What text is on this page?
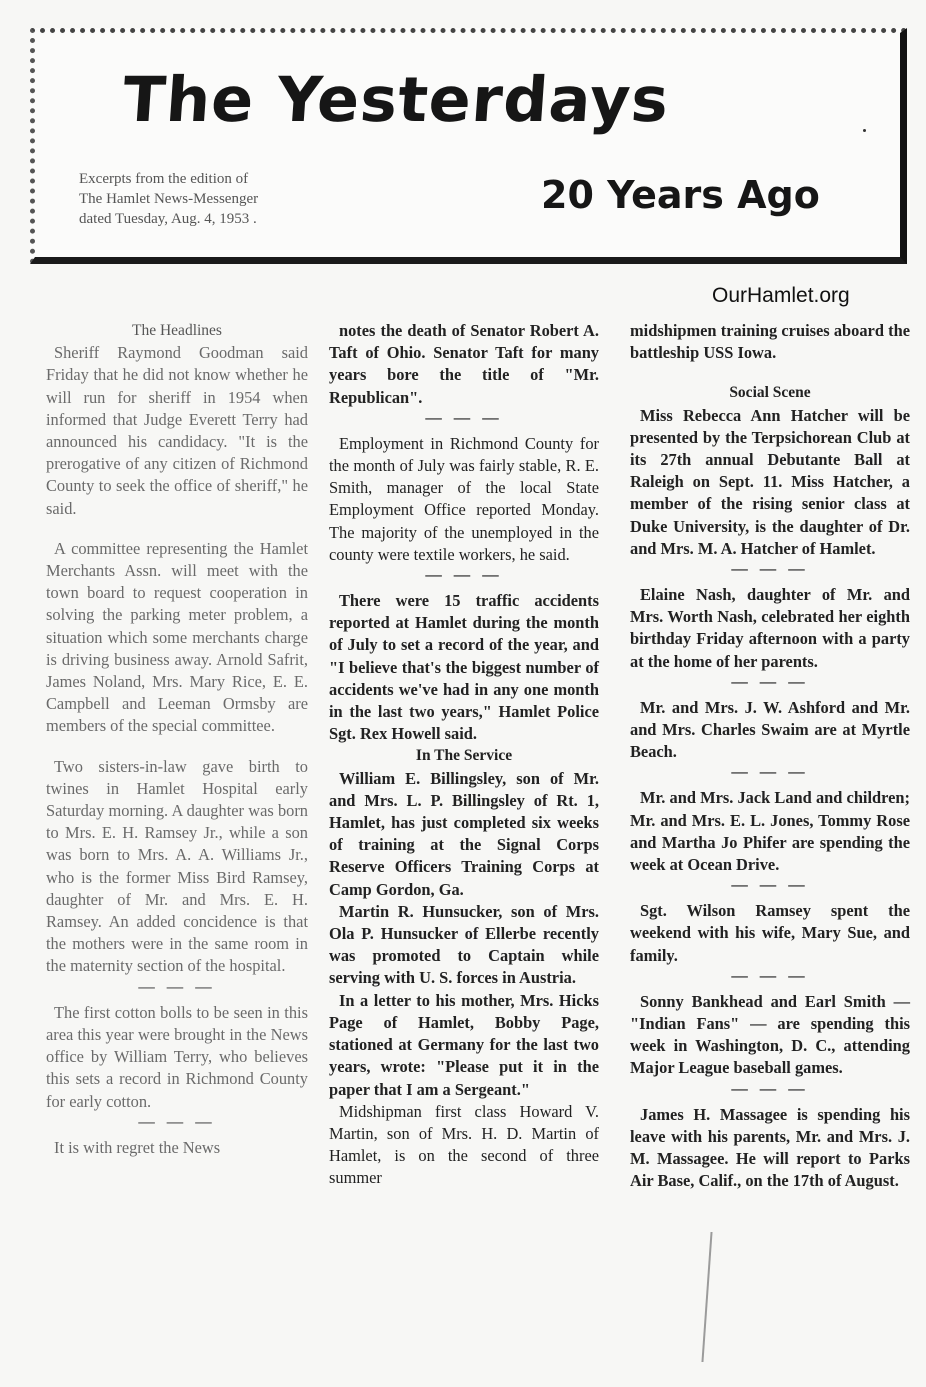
The Yesterdays
Excerpts from the edition of
The Hamlet News-Messenger
dated Tuesday, Aug. 4, 1953 .
20 Years Ago
OurHamlet.org
The Headlines

Sheriff Raymond Goodman said Friday that he did not know whether he will run for sheriff in 1954 when informed that Judge Everett Terry had announced his candidacy. "It is the prerogative of any citizen of Richmond County to seek the office of sheriff," he said.

A committee representing the Hamlet Merchants Assn. will meet with the town board to request cooperation in solving the parking meter problem, a situation which some merchants charge is driving business away. Arnold Safrit, James Noland, Mrs. Mary Rice, E. E. Campbell and Leeman Ormsby are members of the special committee.

Two sisters-in-law gave birth to twines in Hamlet Hospital early Saturday morning. A daughter was born to Mrs. E. H. Ramsey Jr., while a son was born to Mrs. A. A. Williams Jr., who is the former Miss Bird Ramsey, daughter of Mr. and Mrs. E. H. Ramsey. An added concidence is that the mothers were in the same room in the maternity section of the hospital.

— — —

The first cotton bolls to be seen in this area this year were brought in the News office by William Terry, who believes this sets a record in Richmond County for early cotton.

— — —

It is with regret the News

notes the death of Senator Robert A. Taft of Ohio. Senator Taft for many years bore the title of "Mr. Republican".

— — —

Employment in Richmond County for the month of July was fairly stable, R. E. Smith, manager of the local State Employment Office reported Monday. The majority of the unemployed in the county were textile workers, he said.

— — —

There were 15 traffic accidents reported at Hamlet during the month of July to set a record of the year, and "I believe that's the biggest number of accidents we've had in any one month in the last two years," Hamlet Police Sgt. Rex Howell said.

In The Service

William E. Billingsley, son of Mr. and Mrs. L. P. Billingsley of Rt. 1, Hamlet, has just completed six weeks of training at the Signal Corps Reserve Officers Training Corps at Camp Gordon, Ga.

Martin R. Hunsucker, son of Mrs. Ola P. Hunsucker of Ellerbe recently was promoted to Captain while serving with U. S. forces in Austria.

In a letter to his mother, Mrs. Hicks Page of Hamlet, Bobby Page, stationed at Germany for the last two years, wrote: "Please put it in the paper that I am a Sergeant."

Midshipman first class Howard V. Martin, son of Mrs. H. D. Martin of Hamlet, is on the second of three summer

midshipmen training cruises aboard the battleship USS Iowa.

Social Scene

Miss Rebecca Ann Hatcher will be presented by the Terpsichorean Club at its 27th annual Debutante Ball at Raleigh on Sept. 11. Miss Hatcher, a member of the rising senior class at Duke University, is the daughter of Dr. and Mrs. M. A. Hatcher of Hamlet.

— — —

Elaine Nash, daughter of Mr. and Mrs. Worth Nash, celebrated her eighth birthday Friday afternoon with a party at the home of her parents.

— — —

Mr. and Mrs. J. W. Ashford and Mr. and Mrs. Charles Swaim are at Myrtle Beach.

— — —

Mr. and Mrs. Jack Land and children; Mr. and Mrs. E. L. Jones, Tommy Rose and Martha Jo Phifer are spending the week at Ocean Drive.

— — —

Sgt. Wilson Ramsey spent the weekend with his wife, Mary Sue, and family.

— — —

Sonny Bankhead and Earl Smith — "Indian Fans" — are spending this week in Washington, D. C., attending Major League baseball games.

— — —

James H. Massagee is spending his leave with his parents, Mr. and Mrs. J. M. Massagee. He will report to Parks Air Base, Calif., on the 17th of August.
